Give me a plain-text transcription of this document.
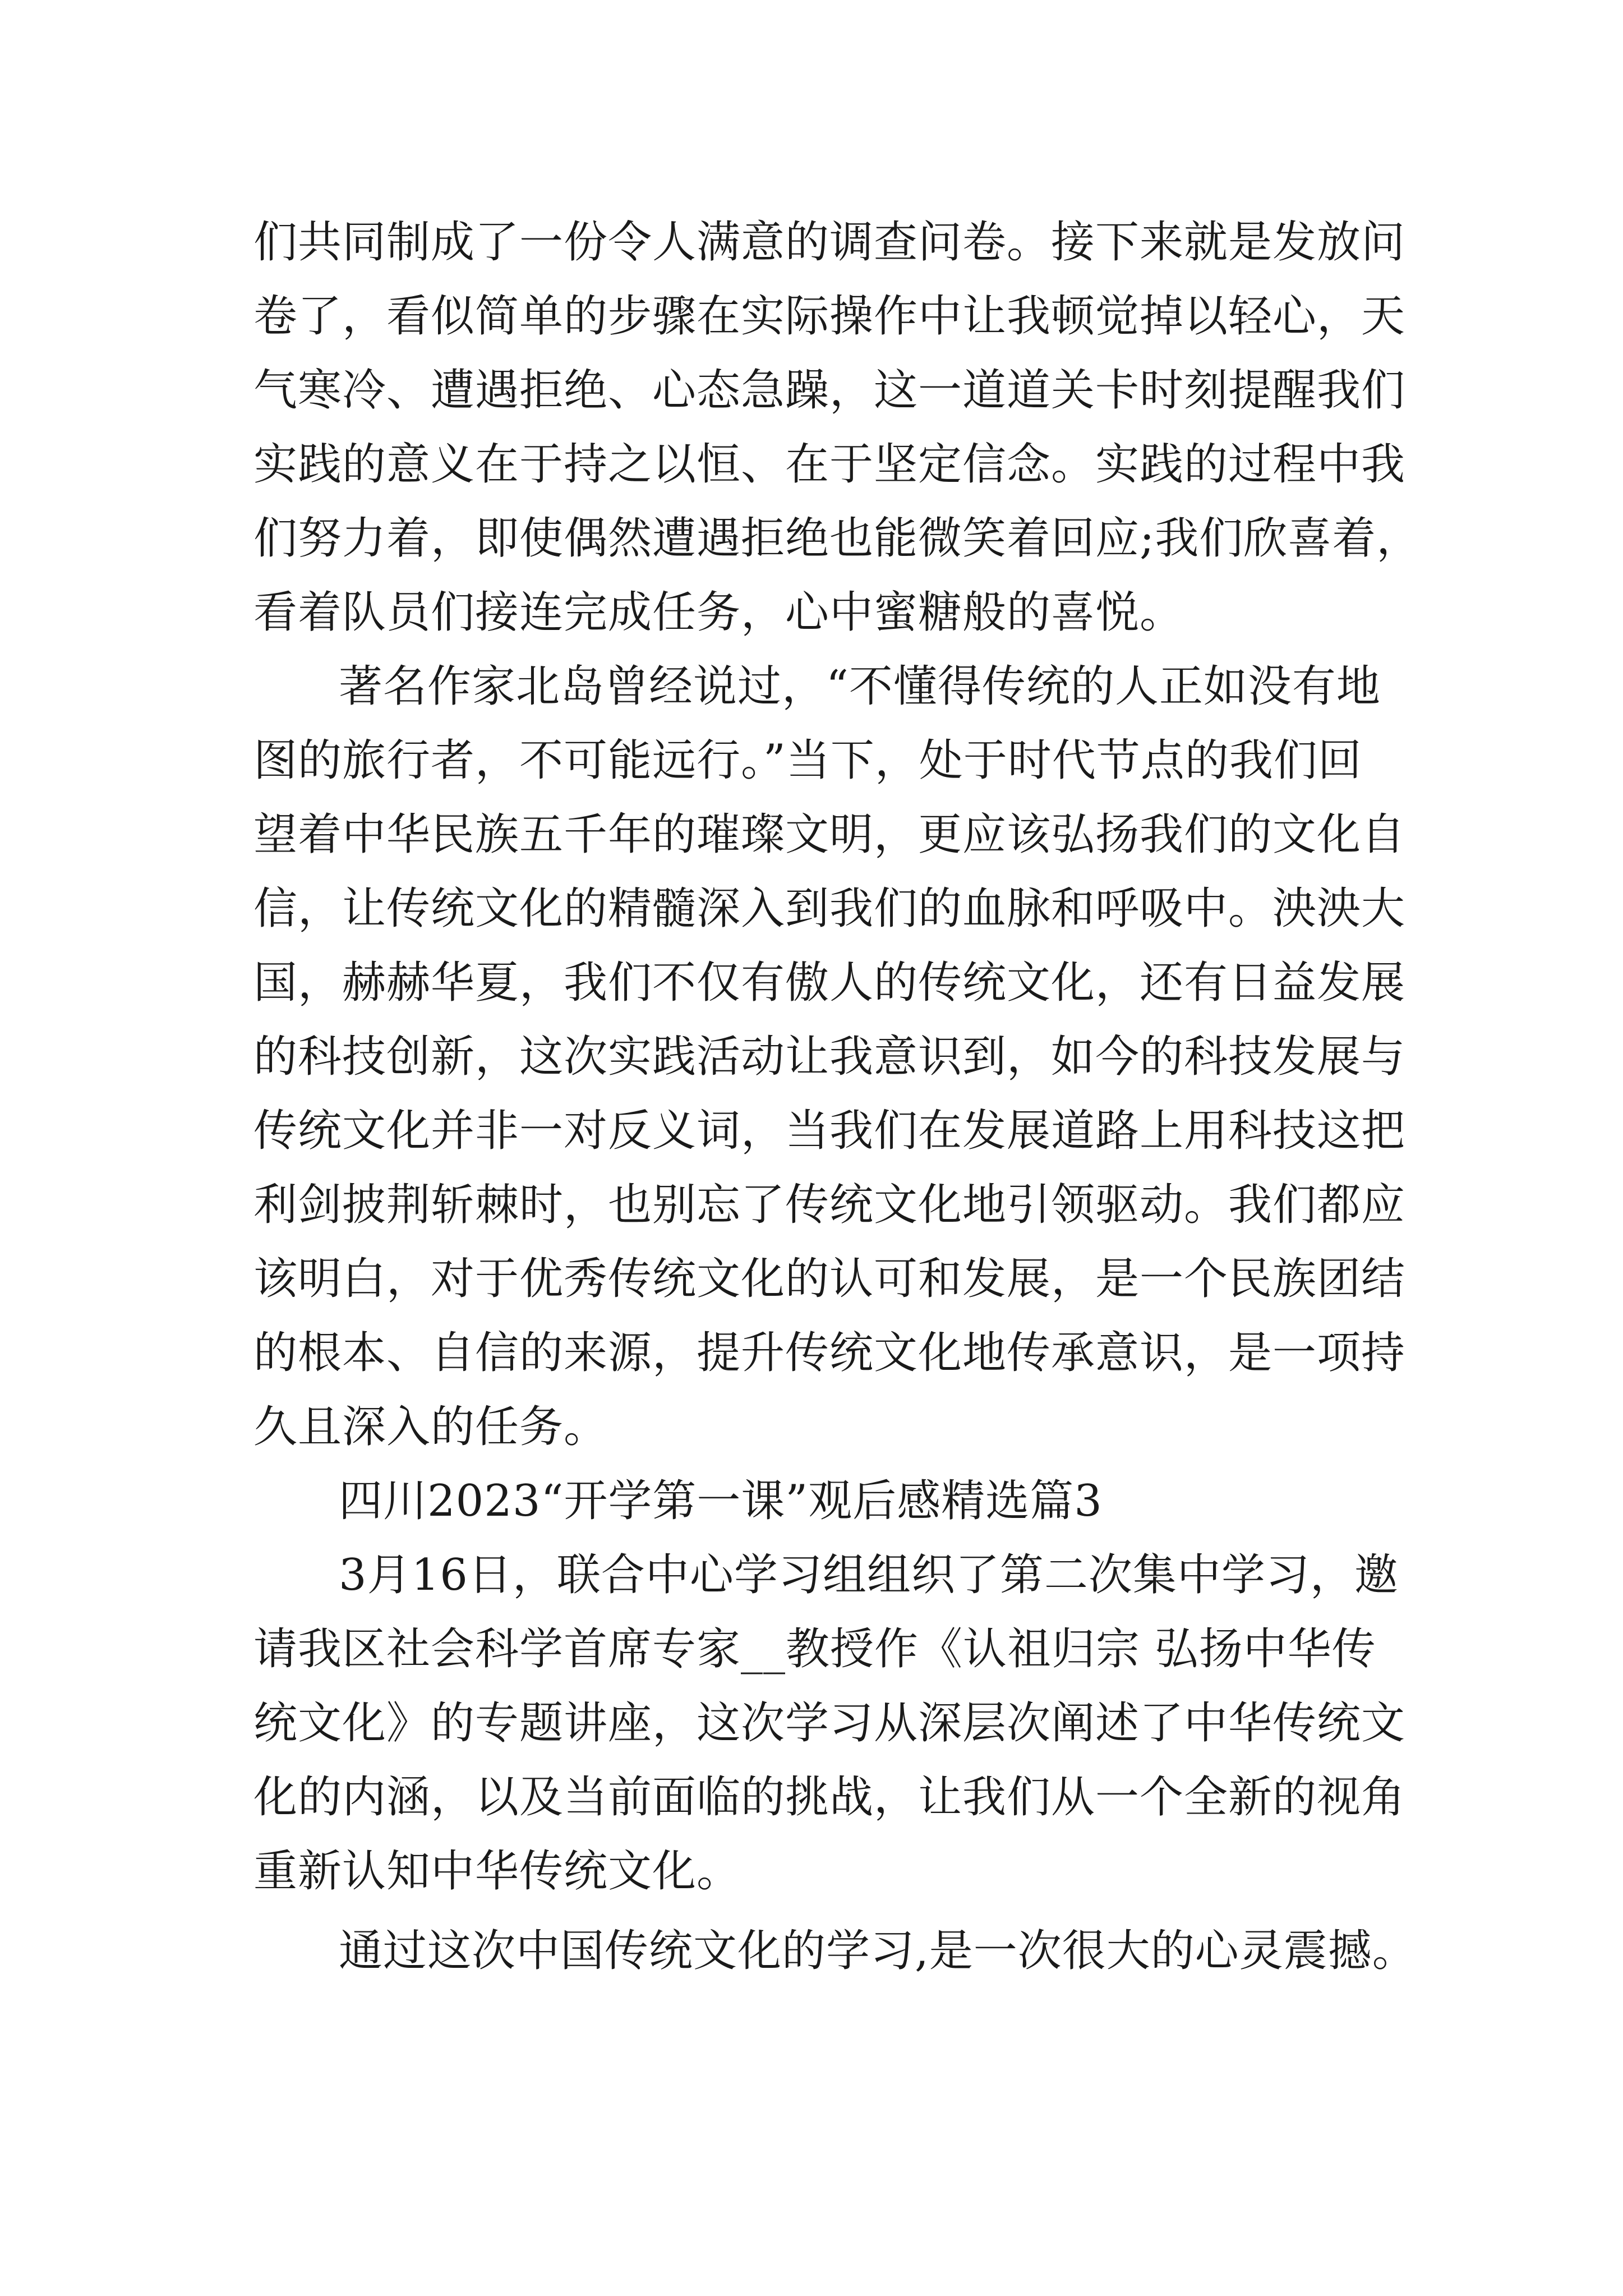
们共同制成了一份令人满意的调查问卷。接下来就是发放问
卷了，看似简单的步骤在实际操作中让我顿觉掉以轻心，天
气寒冷、遭遇拒绝、心态急躁，这一道道关卡时刻提醒我们
实践的意义在于持之以恒、在于坚定信念。实践的过程中我
们努力着，即使偶然遭遇拒绝也能微笑着回应;我们欣喜着，
看着队员们接连完成任务，心中蜜糖般的喜悦。
著名作家北岛曾经说过，“不懂得传统的人正如没有地
图的旅行者，不可能远行。”当下，处于时代节点的我们回
望着中华民族五千年的璀璨文明，更应该弘扬我们的文化自
信，让传统文化的精髓深入到我们的血脉和呼吸中。泱泱大
国，赫赫华夏，我们不仅有傲人的传统文化，还有日益发展
的科技创新，这次实践活动让我意识到，如今的科技发展与
传统文化并非一对反义词，当我们在发展道路上用科技这把
利剑披荆斩棘时，也别忘了传统文化地引领驱动。我们都应
该明白，对于优秀传统文化的认可和发展，是一个民族团结
的根本、自信的来源，提升传统文化地传承意识，是一项持
久且深入的任务。
四川2023“开学第一课”观后感精选篇3
3月16日，联合中心学习组组织了第二次集中学习，邀
请我区社会科学首席专家__教授作《认祖归宗 弘扬中华传
统文化》的专题讲座，这次学习从深层次阐述了中华传统文
化的内涵，以及当前面临的挑战，让我们从一个全新的视角
重新认知中华传统文化。
通过这次中国传统文化的学习,是一次很大的心灵震撼。
